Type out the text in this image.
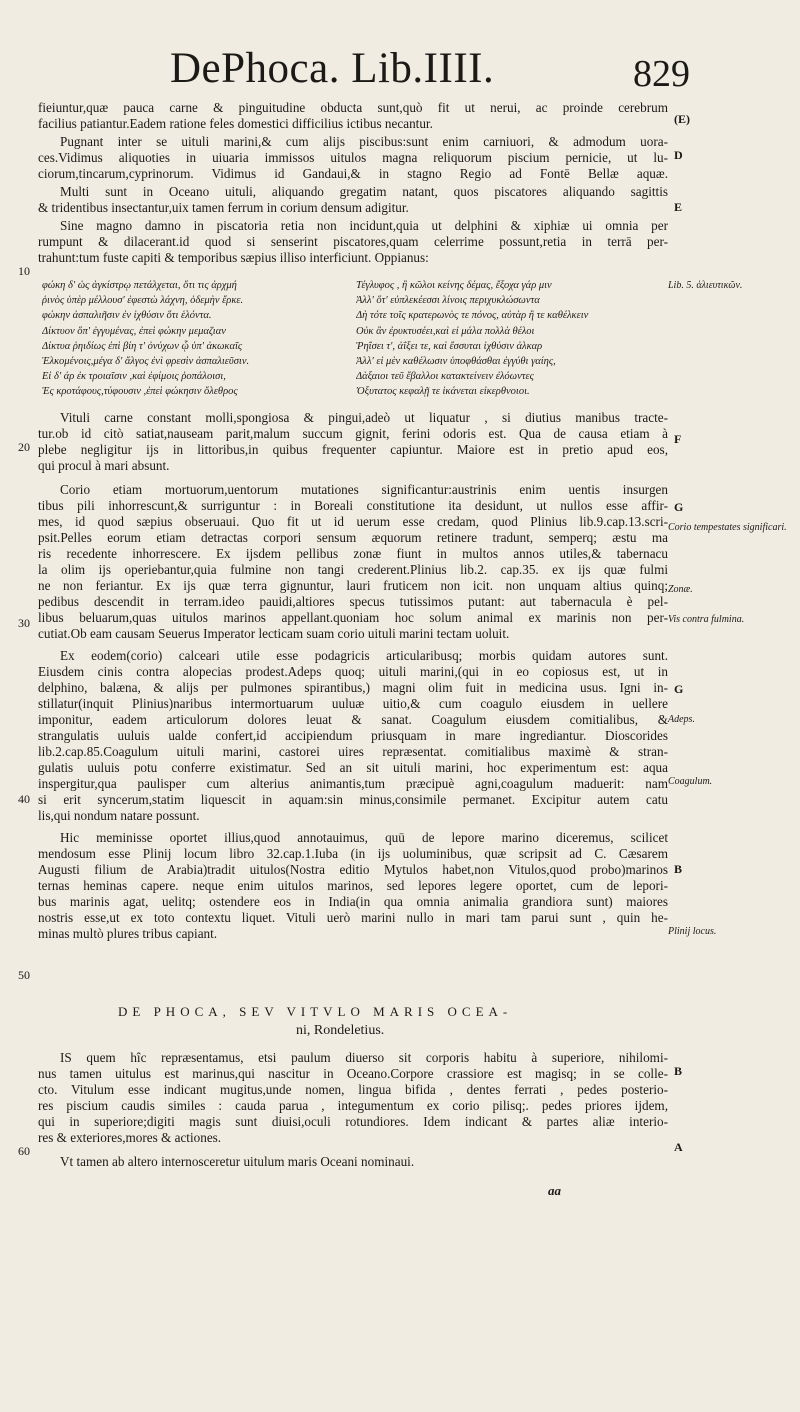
DePhoca. Lib.IIII.	829
fieiuntur,quæ pauca carne & pinguitudine obducta sunt,quò fit ut nerui, ac proinde cerebrum
facilius patiantur.Eadem ratione feles domestici difficilius ictibus necantur.
Pugnant inter se uituli marini,& cum alijs piscibus:sunt enim carniuori, & admodum uora-
ces.Vidimus aliquoties in uiuaria immissos uitulos magna reliquorum piscium pernicie, ut lu-
ciorum,tincarum,cyprinorum. Vidimus id Gandaui,& in stagno Regio ad Fontē Bellæ aquæ.
Multi sunt in Oceano uituli, aliquando gregatim natant, quos piscatores aliquando sagittis
& tridentibus insectantur,uix tamen ferrum in corium densum adigitur.
Sine magno damno in piscatoria retia non incidunt,quia ut delphini & xiphiæ ui omnia per
rumpunt & dilacerant.id quod si senserint piscatores,quam celerrime possunt,retia in terrā per-
trahunt:tum fuste capiti & temporibus sæpius illiso interficiunt. Oppianus:
Vituli carne constant molli,spongiosa & pingui,adeò ut liquatur , si diutius manibus tracte-
tur.ob id citò satiat,nauseam parit,malum succum gignit, ferini odoris est. Qua de causa etiam à
plebe negligitur ijs in littoribus,in quibus frequenter capiuntur. Maiore est in pretio apud eos,
qui procul à mari absunt.
Corio etiam mortuorum,uentorum mutationes significantur:austrinis enim uentis insurgen
tibus pili inhorrescunt,& surriguntur : in Boreali constitutione ita desidunt, ut nullos esse affir-
mes, id quod sæpius obseruaui. Quo fit ut id uerum esse credam, quod Plinius lib.9.cap.13.scri-
psit.Pelles eorum etiam detractas corpori sensum æquorum retinere tradunt, semperq; æstu ma
ris recedente inhorrescere. Ex ijsdem pellibus zonæ fiunt in multos annos utiles,& tabernacu
la olim ijs operiebantur,quia fulmine non tangi crederent.Plinius lib.2. cap.35. ex ijs quæ fulmi
ne non feriantur. Ex ijs quæ terra gignuntur, lauri fruticem non icit. non unquam altius quinq;
pedibus descendit in terram.ideo pauidi,altiores specus tutissimos putant: aut tabernacula è pel-
libus beluarum,quas uitulos marinos appellant.quoniam hoc solum animal ex marinis non per-
cutiat.Ob eam causam Seuerus Imperator lecticam suam corio uituli marini tectam uoluit.
Ex eodem(corio) calceari utile esse podagricis articularibusq; morbis quidam autores sunt.
Eiusdem cinis contra alopecias prodest.Adeps quoq; uituli marini,(qui in eo copiosus est, ut in
delphino, balæna, & alijs per pulmones spirantibus,) magni olim fuit in medicina usus. Igni in-
stillatur(inquit Plinius)naribus intermortuarum uuluæ uitio,& cum coagulo eiusdem in uellere
imponitur, eadem articulorum dolores leuat & sanat. Coagulum eiusdem comitialibus, &
strangulatis uuluis ualde confert,id accipiendum priusquam in mare ingrediantur. Dioscorides
lib.2.cap.85.Coagulum uituli marini, castorei uires repræsentat. comitialibus maximè & stran-
gulatis uuluis potu conferre existimatur. Sed an sit uituli marini, hoc experimentum est: aqua
inspergitur,qua paulisper cum alterius animantis,tum præcipuè agni,coagulum maduerit: nam
si erit syncerum,statim liquescit in aquam:sin minus,consimile permanet. Excipitur autem catu
lis,qui nondum natare possunt.
Hic meminisse oportet illius,quod annotauimus, quū de lepore marino diceremus, scilicet
mendosum esse Plinij locum libro 32.cap.1.Iuba (in ijs uoluminibus, quæ scripsit ad C. Cæsarem
Augusti filium de Arabia)tradit uitulos(Nostra editio Mytulos habet,non Vitulos,quod probo)marinos
ternas heminas capere. neque enim uitulos marinos, sed lepores legere oportet, cum de lepori-
bus marinis agat, uelitq; ostendere eos in India(in qua omnia animalia grandiora sunt) maiores
nostris esse,ut ex toto contextu liquet. Vituli uerò marini nullo in mari tam parui sunt , quin he-
minas multò plures tribus capiant.
IS quem hîc repræsentamus, etsi paulum diuerso sit corporis habitu à superiore, nihilomi-
nus tamen uitulus est marinus,qui nascitur in Oceano.Corpore crassiore est magisq; in se colle-
cto. Vitulum esse indicant mugitus,unde nomen, lingua bifida , dentes ferrati , pedes posterio-
res piscium caudis similes : cauda parua , integumentum ex corio pilisq;. pedes priores ijdem,
qui in superiore;digiti magis sunt diuisi,oculi rotundiores. Idem indicant & partes aliæ interio-
res & exteriores,mores & actiones.
Vt tamen ab altero internosceretur uitulum maris Oceani nominaui.
φώκη δ' ὡς ἀγκίστρῳ πετάλχεται, ὅτι τις ἀρχμή
ῥινὸς ὑπὲρ μέλλουσ' ἐφεστὼ λάχνη, ὁδεμὴν ἔρκε.
φώκην ἀσπαλιῆσιν ἐν ἰχθύσιν ὅτι ἑλόντα.
Δίκτυον ὅπ' ἐγγυμένας, ἐπεὶ φώκην μεμαζιαν
Δίκτυα ῥηιδίως ἐπὶ βίη τ' ὀνύχων ᾧ ὑπ' ἀκωκαῖς
Ἑλκομένοις,μέγα δ' ἄλγος ἐνὶ φρεσὶν ἀσπαλιεῦσιν.
Εἰ δ' ἀρ ἐκ τροιαῖσιν ,καὶ ἐφίμοις ῥοπάλοισι,
Ἐς κροτάφους,τύφουσιν ,ἐπεὶ φώκησιν ὄλεθρος
Τέγλυφος , ἢ κῶλοι κείνης δέμας, ἔξοχα γάρ μιν
Ἀλλ' ὅτ' εὐπλεκέεσσι λίνοις περιχυκλώσωντα
Δὴ τότε τοῖς κρατερωνὸς τε πόνος, αὐτὰρ ἢ τε καθέλκειν
Οὐκ ἂν ἐρυκτυσέει,καὶ εἰ μάλα πολλὰ θέλοι
Ῥηΐσει τ', ἀΐξει τε, καὶ ἔσσυται ἰχθύσιν ἀλκαρ
Ἀλλ' εἰ μὲν καθέλωσιν ὑποφθάσθαι ἐγγύθι γαίης,
Δὰξαιοι τεῦ ἔβαλλοι κατακτείνειν ἐλόωντες
Ὀξυτατος κεφαλῇ τε ἱκάνεται εἰκερθνοιοι.
10
20
30
40
50
60
Lib. 5. ἁλιευτικῶν.
Corio tempestates significari.
Zonæ.
Vis contra fulmina.
Adeps.
Coagulum.
Plinij locus.
(E)
D
E
F
G
G
B
B
A
DE PHOCA, SEV VITVLO MARIS OCEA-
ni, Rondeletius.
aa
